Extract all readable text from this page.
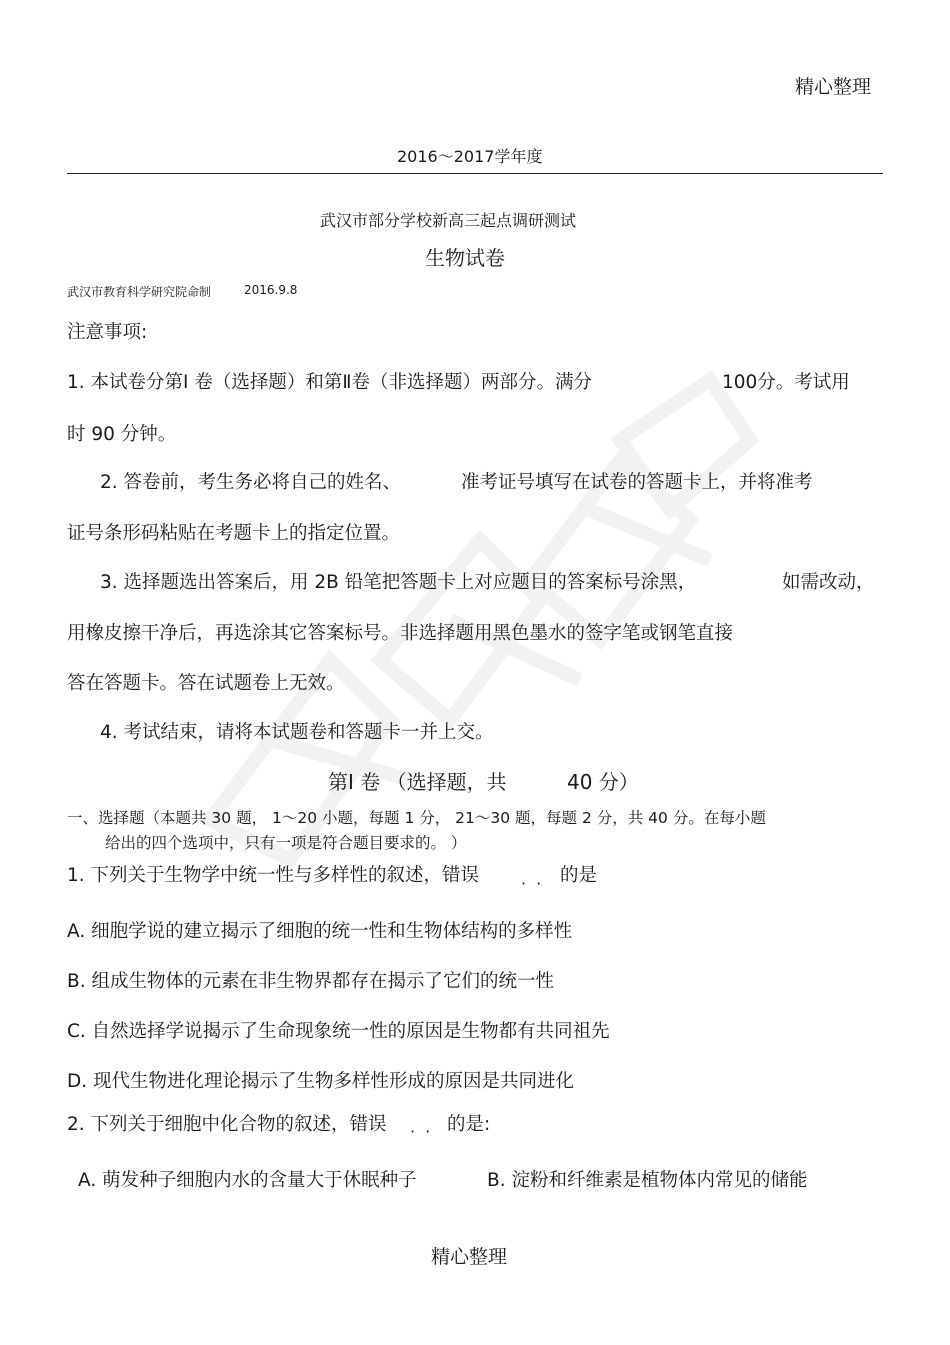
精心整理
2016～2017学年度
武汉市部分学校新高三起点调研测试
生物试卷
武汉市教育科学研究院命制	2016.9.8
注意事项:
1. 本试卷分第Ⅰ 卷（选择题）和第Ⅱ卷（非选择题）两部分。满分	100分。考试用
时 90 分钟。
2. 答卷前，考生务必将自己的姓名、	准考证号填写在试卷的答题卡上，并将准考
证号条形码粘贴在考题卡上的指定位置。
3. 选择题选出答案后，用 2B 铅笔把答题卡上对应题目的答案标号涂黑，	如需改动，
用橡皮擦干净后，再选涂其它答案标号。非选择题用黑色墨水的签字笔或钢笔直接
答在答题卡。答在试题卷上无效。
4. 考试结束，请将本试题卷和答题卡一并上交。
第Ⅰ 卷 （选择题，共	40 分）
一、选择题（本题共 30 题， 1～20 小题，每题 1 分， 21～30 题，每题 2 分，共 40 分。在每小题
给出的四个选项中，只有一项是符合题目要求的。 ）
1. 下列关于生物学中统一性与多样性的叙述，错误	·· 的是
A. 细胞学说的建立揭示了细胞的统一性和生物体结构的多样性
B. 组成生物体的元素在非生物界都存在揭示了它们的统一性
C. 自然选择学说揭示了生命现象统一性的原因是生物都有共同祖先
D. 现代生物进化理论揭示了生物多样性形成的原因是共同进化
2. 下列关于细胞中化合物的叙述，错误 ·· 的是:
A. 萌发种子细胞内水的含量大于休眠种子	B. 淀粉和纤维素是植物体内常见的储能
精心整理
